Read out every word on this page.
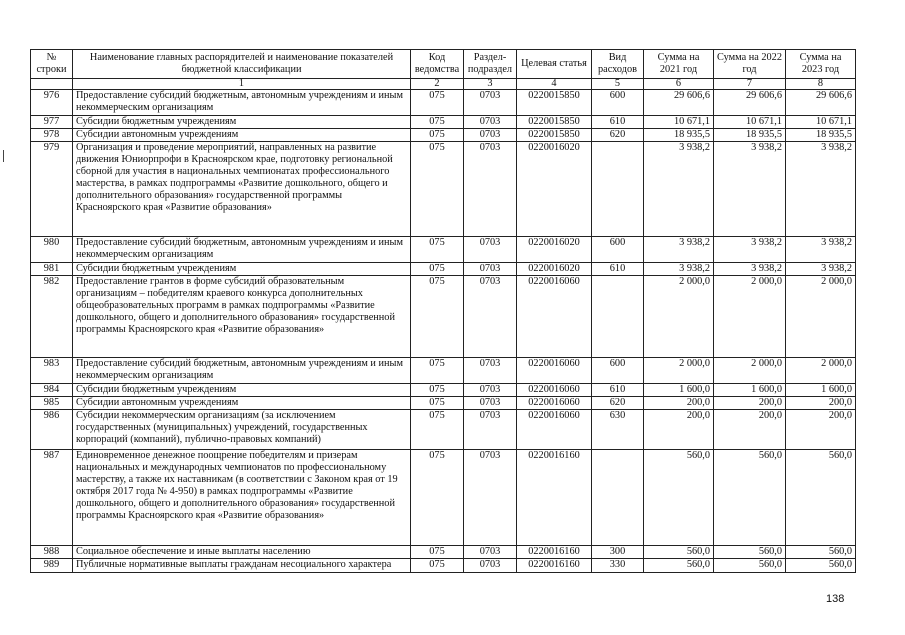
№ строки	Наименование главных распорядителей и наименование показателей бюджетной классификации	Код ведомства	Раздел-подраздел	Целевая статья	Вид расходов	Сумма на 2021 год	Сумма на 2022 год	Сумма на 2023 год
	1	2	3	4	5	6	7	8
976	Предоставление субсидий бюджетным, автономным учреждениям и иным некоммерческим организациям	075	0703	0220015850	600	29 606,6	29 606,6	29 606,6
977	Субсидии бюджетным учреждениям	075	0703	0220015850	610	10 671,1	10 671,1	10 671,1
978	Субсидии автономным учреждениям	075	0703	0220015850	620	18 935,5	18 935,5	18 935,5
979	Организация и проведение мероприятий, направленных на развитие движения Юниорпрофи в Красноярском крае, подготовку региональной сборной для участия в национальных чемпионатах профессионального мастерства, в рамках подпрограммы «Развитие дошкольного, общего и дополнительного образования» государственной программы Красноярского края «Развитие образования»	075	0703	0220016020		3 938,2	3 938,2	3 938,2
980	Предоставление субсидий бюджетным, автономным учреждениям и иным некоммерческим организациям	075	0703	0220016020	600	3 938,2	3 938,2	3 938,2
981	Субсидии бюджетным учреждениям	075	0703	0220016020	610	3 938,2	3 938,2	3 938,2
982	Предоставление грантов в форме субсидий образовательным организациям – победителям краевого конкурса дополнительных общеобразовательных программ в рамках подпрограммы «Развитие дошкольного, общего и дополнительного образования» государственной программы Красноярского края «Развитие образования»	075	0703	0220016060		2 000,0	2 000,0	2 000,0
983	Предоставление субсидий бюджетным, автономным учреждениям и иным некоммерческим организациям	075	0703	0220016060	600	2 000,0	2 000,0	2 000,0
984	Субсидии бюджетным учреждениям	075	0703	0220016060	610	1 600,0	1 600,0	1 600,0
985	Субсидии автономным учреждениям	075	0703	0220016060	620	200,0	200,0	200,0
986	Субсидии некоммерческим организациям (за исключением государственных (муниципальных) учреждений, государственных корпораций (компаний), публично-правовых компаний)	075	0703	0220016060	630	200,0	200,0	200,0
987	Единовременное денежное поощрение победителям и призерам национальных и международных чемпионатов по профессиональному мастерству, а также их наставникам (в соответствии с Законом края от 19 октября 2017 года № 4-950) в рамках подпрограммы «Развитие дошкольного, общего и дополнительного образования» государственной программы Красноярского края «Развитие образования»	075	0703	0220016160		560,0	560,0	560,0
988	Социальное обеспечение и иные выплаты населению	075	0703	0220016160	300	560,0	560,0	560,0
989	Публичные нормативные выплаты гражданам несоциального характера	075	0703	0220016160	330	560,0	560,0	560,0
138
